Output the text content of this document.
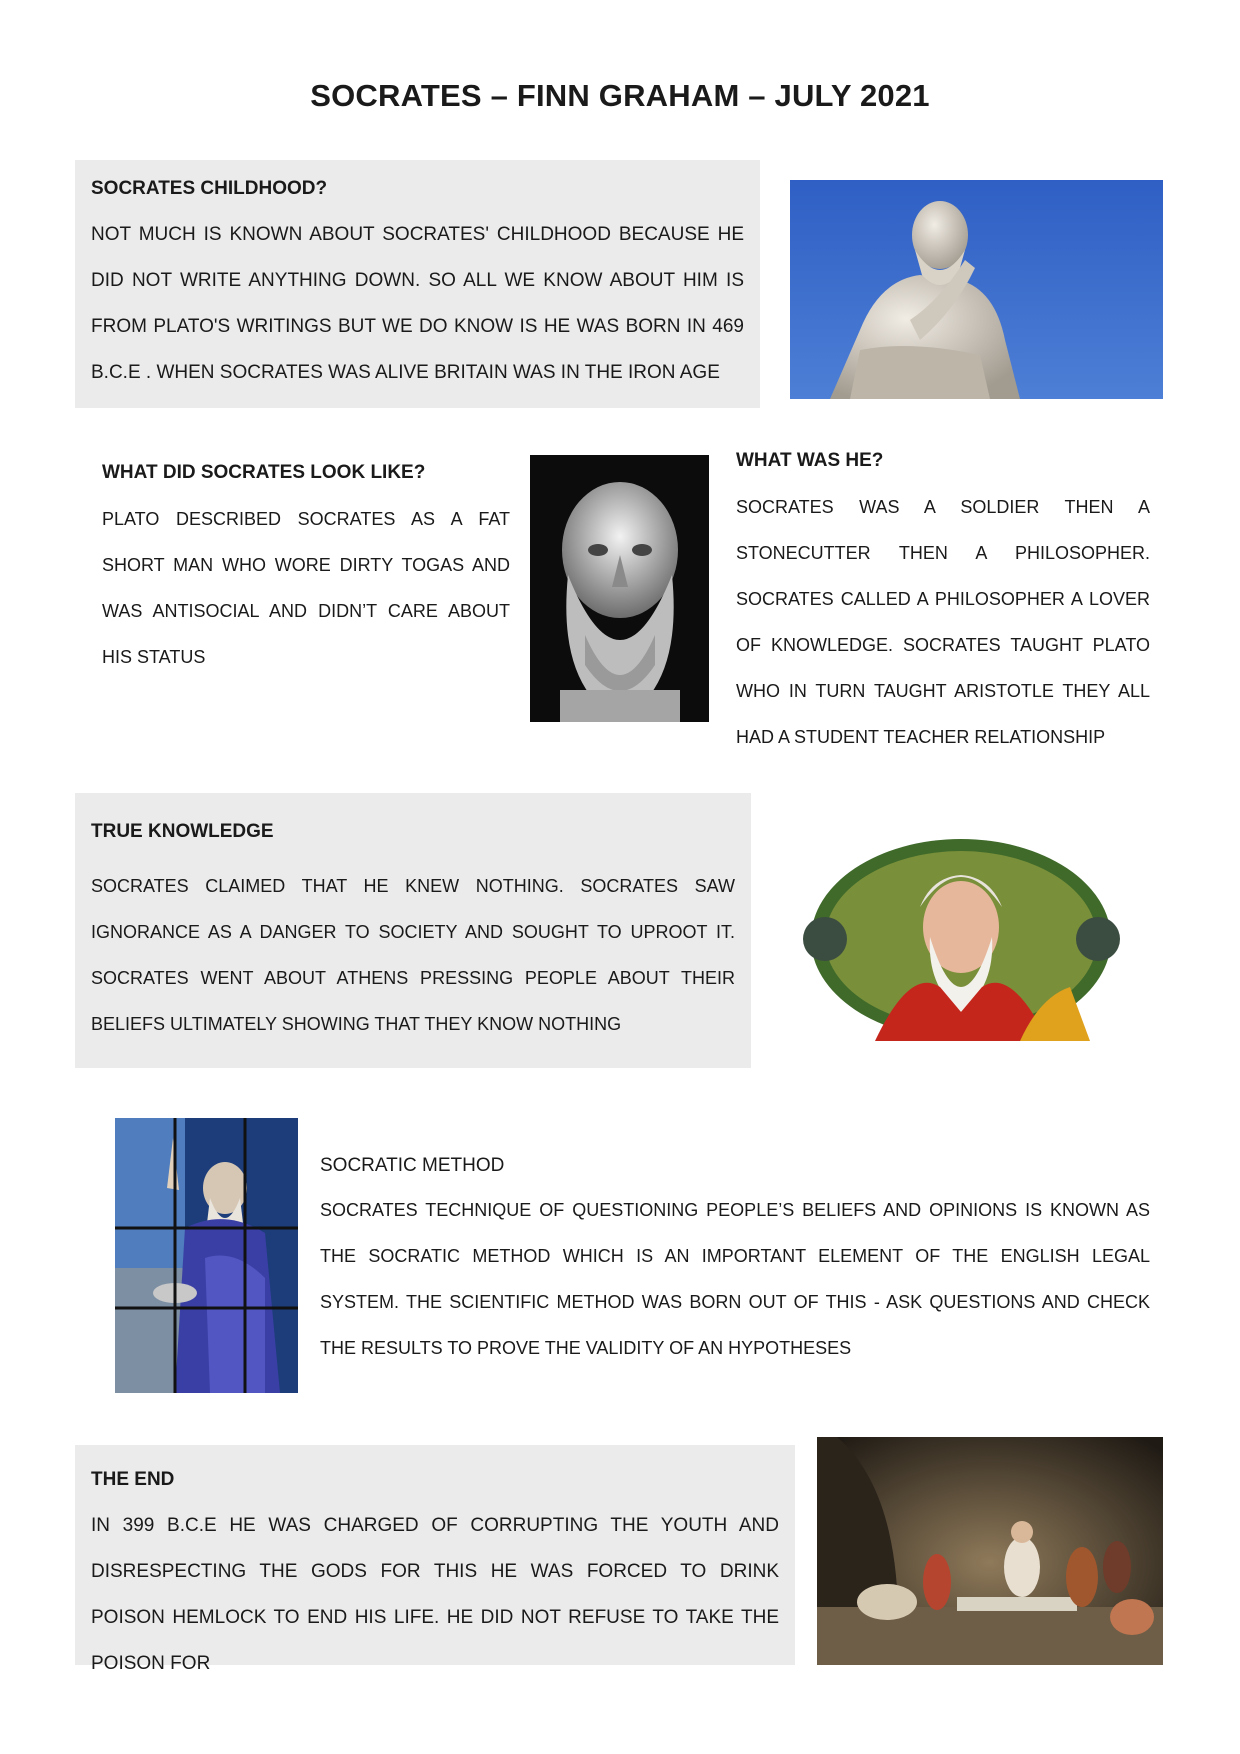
SOCRATES – FINN GRAHAM – JULY 2021
SOCRATES CHILDHOOD?

NOT MUCH IS KNOWN ABOUT SOCRATES' CHILDHOOD BECAUSE HE DID NOT WRITE ANYTHING DOWN. SO ALL WE KNOW ABOUT HIM IS FROM PLATO'S WRITINGS BUT WE DO KNOW IS HE WAS BORN IN 469 B.C.E . WHEN SOCRATES WAS ALIVE BRITAIN WAS IN THE IRON AGE

WHAT DID SOCRATES LOOK LIKE?

PLATO DESCRIBED SOCRATES AS A FAT SHORT MAN WHO WORE DIRTY TOGAS AND WAS ANTISOCIAL AND DIDN’T CARE ABOUT HIS STATUS

WHAT WAS HE?

SOCRATES WAS A SOLDIER THEN A STONECUTTER THEN A PHILOSOPHER. SOCRATES CALLED A PHILOSOPHER A LOVER OF KNOWLEDGE. SOCRATES TAUGHT PLATO WHO IN TURN TAUGHT ARISTOTLE THEY ALL HAD A STUDENT TEACHER RELATIONSHIP

TRUE KNOWLEDGE

SOCRATES CLAIMED THAT HE KNEW NOTHING. SOCRATES SAW IGNORANCE AS A DANGER TO SOCIETY AND SOUGHT TO UPROOT IT. SOCRATES WENT ABOUT ATHENS PRESSING PEOPLE ABOUT THEIR BELIEFS ULTIMATELY SHOWING THAT THEY KNOW NOTHING

SOCRATIC METHOD

SOCRATES TECHNIQUE OF QUESTIONING PEOPLE’S BELIEFS AND OPINIONS IS KNOWN AS THE SOCRATIC METHOD WHICH IS AN IMPORTANT ELEMENT OF THE ENGLISH LEGAL SYSTEM. THE SCIENTIFIC METHOD WAS BORN OUT OF THIS - ASK QUESTIONS AND CHECK THE RESULTS TO PROVE THE VALIDITY OF AN HYPOTHESES

THE END

IN 399 B.C.E HE WAS CHARGED OF CORRUPTING THE YOUTH AND DISRESPECTING THE GODS FOR THIS HE WAS FORCED TO DRINK POISON HEMLOCK TO END HIS LIFE. HE DID NOT REFUSE TO TAKE THE POISON FOR
